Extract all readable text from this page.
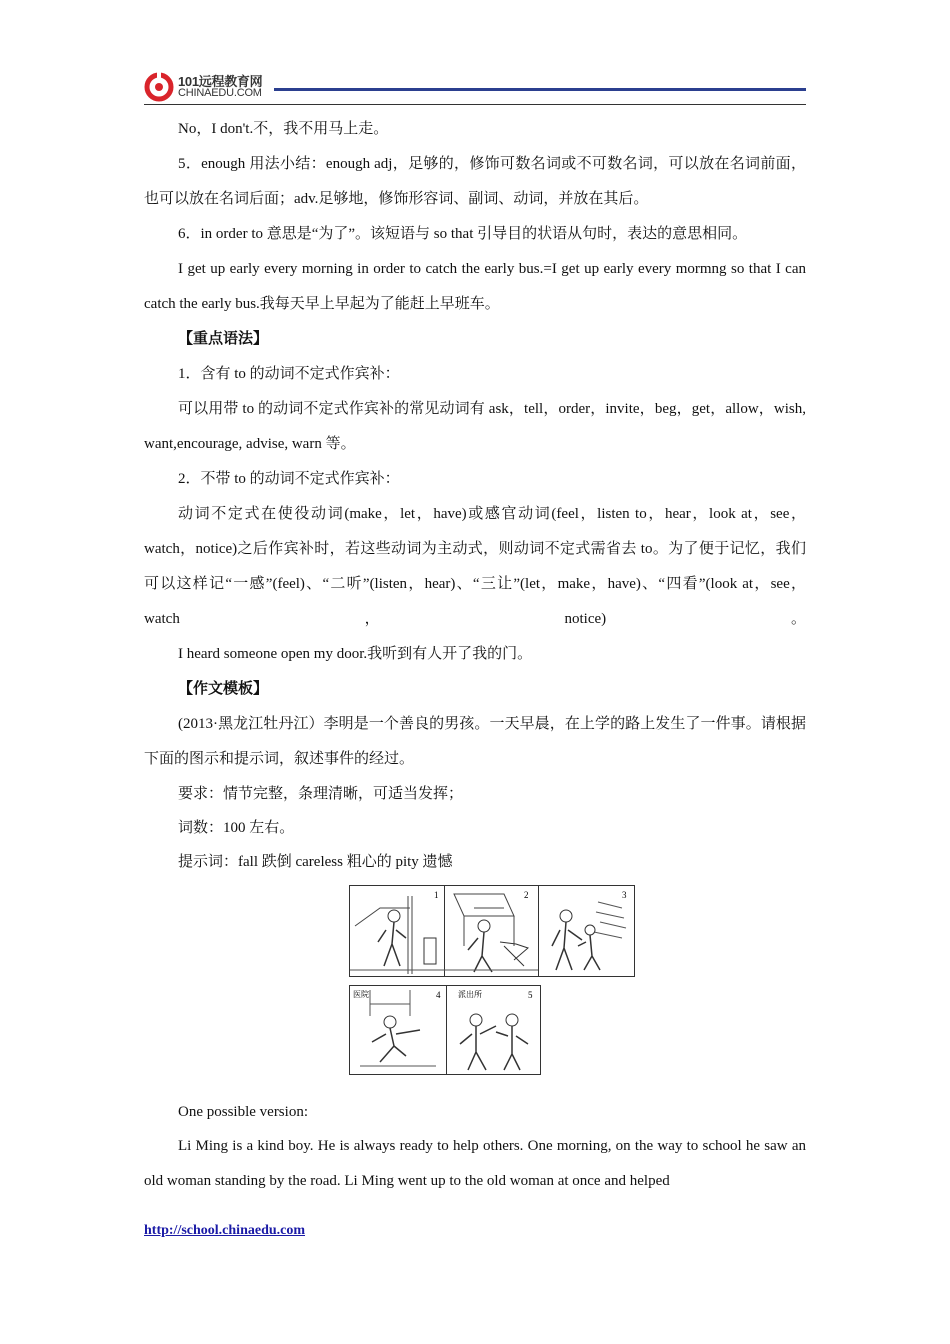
101远程教育网
CHINAEDU.COM

No，I don't.不，我不用马上走。

5．enough 用法小结：enough adj，足够的，修饰可数名词或不可数名词，可以放在名词前面，也可以放在名词后面；adv.足够地，修饰形容词、副词、动词，并放在其后。

6．in order to 意思是“为了”。该短语与 so that 引导目的状语从句时，表达的意思相同。

I get up early every morning in order to catch the early bus.=I get up early every mormng so that I can catch the early bus.我每天早上早起为了能赶上早班车。

【重点语法】

1．含有 to 的动词不定式作宾补：

可以用带 to 的动词不定式作宾补的常见动词有 ask，tell，order，invite，beg，get，allow，wish, want,encourage, advise, warn 等。

2．不带 to 的动词不定式作宾补：

动词不定式在使役动词(make，let，have)或感官动词(feel，listen to，hear，look at，see，watch，notice)之后作宾补时，若这些动词为主动式，则动词不定式需省去 to。为了便于记忆，我们可以这样记“一感”(feel)、“二听”(listen，hear)、“三让”(let，make，have)、“四看”(look at，see，watch，notice)。

I heard someone open my door.我听到有人开了我的门。

【作文模板】

(2013·黑龙江牡丹江）李明是一个善良的男孩。一天早晨，在上学的路上发生了一件事。请根据下面的图示和提示词，叙述事件的经过。

要求：情节完整，条理清晰，可适当发挥；

词数：100 左右。

提示词：fall 跌倒 careless 粗心的 pity 遗憾

1	2	3
医院	4 派出所	5

One possible version:

Li Ming is a kind boy. He is always ready to help others. One morning, on the way to school he saw an old woman standing by the road. Li Ming went up to the old woman at once and helped

http://school.chinaedu.com
